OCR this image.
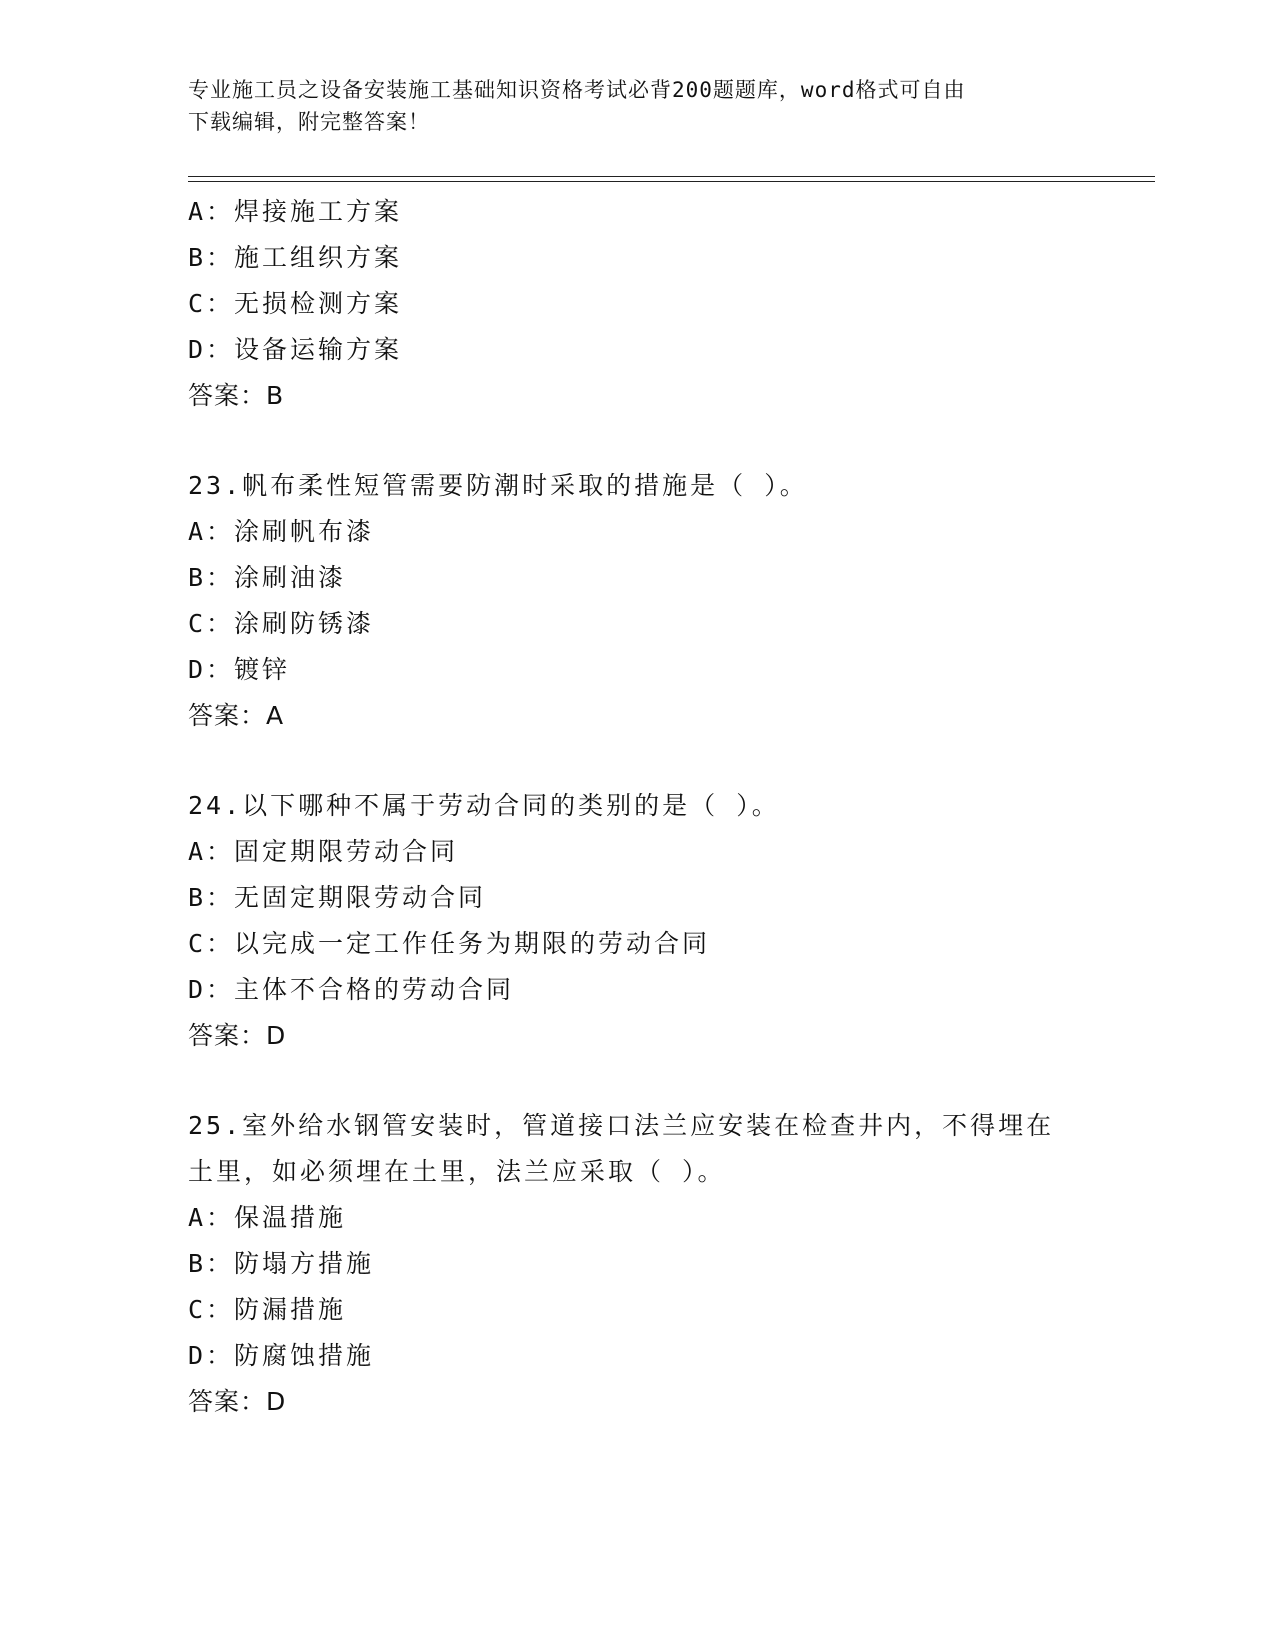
专业施工员之设备安装施工基础知识资格考试必背200题题库，word格式可自由
下载编辑，附完整答案！
A：焊接施工方案
B：施工组织方案
C：无损检测方案
D：设备运输方案
答案：B
23.帆布柔性短管需要防潮时采取的措施是（ ）。
A：涂刷帆布漆
B：涂刷油漆
C：涂刷防锈漆
D：镀锌
答案：A
24.以下哪种不属于劳动合同的类别的是（ ）。
A：固定期限劳动合同
B：无固定期限劳动合同
C：以完成一定工作任务为期限的劳动合同
D：主体不合格的劳动合同
答案：D
25.室外给水钢管安装时，管道接口法兰应安装在检查井内，不得埋在
土里，如必须埋在土里，法兰应采取（ ）。
A：保温措施
B：防塌方措施
C：防漏措施
D：防腐蚀措施
答案：D
